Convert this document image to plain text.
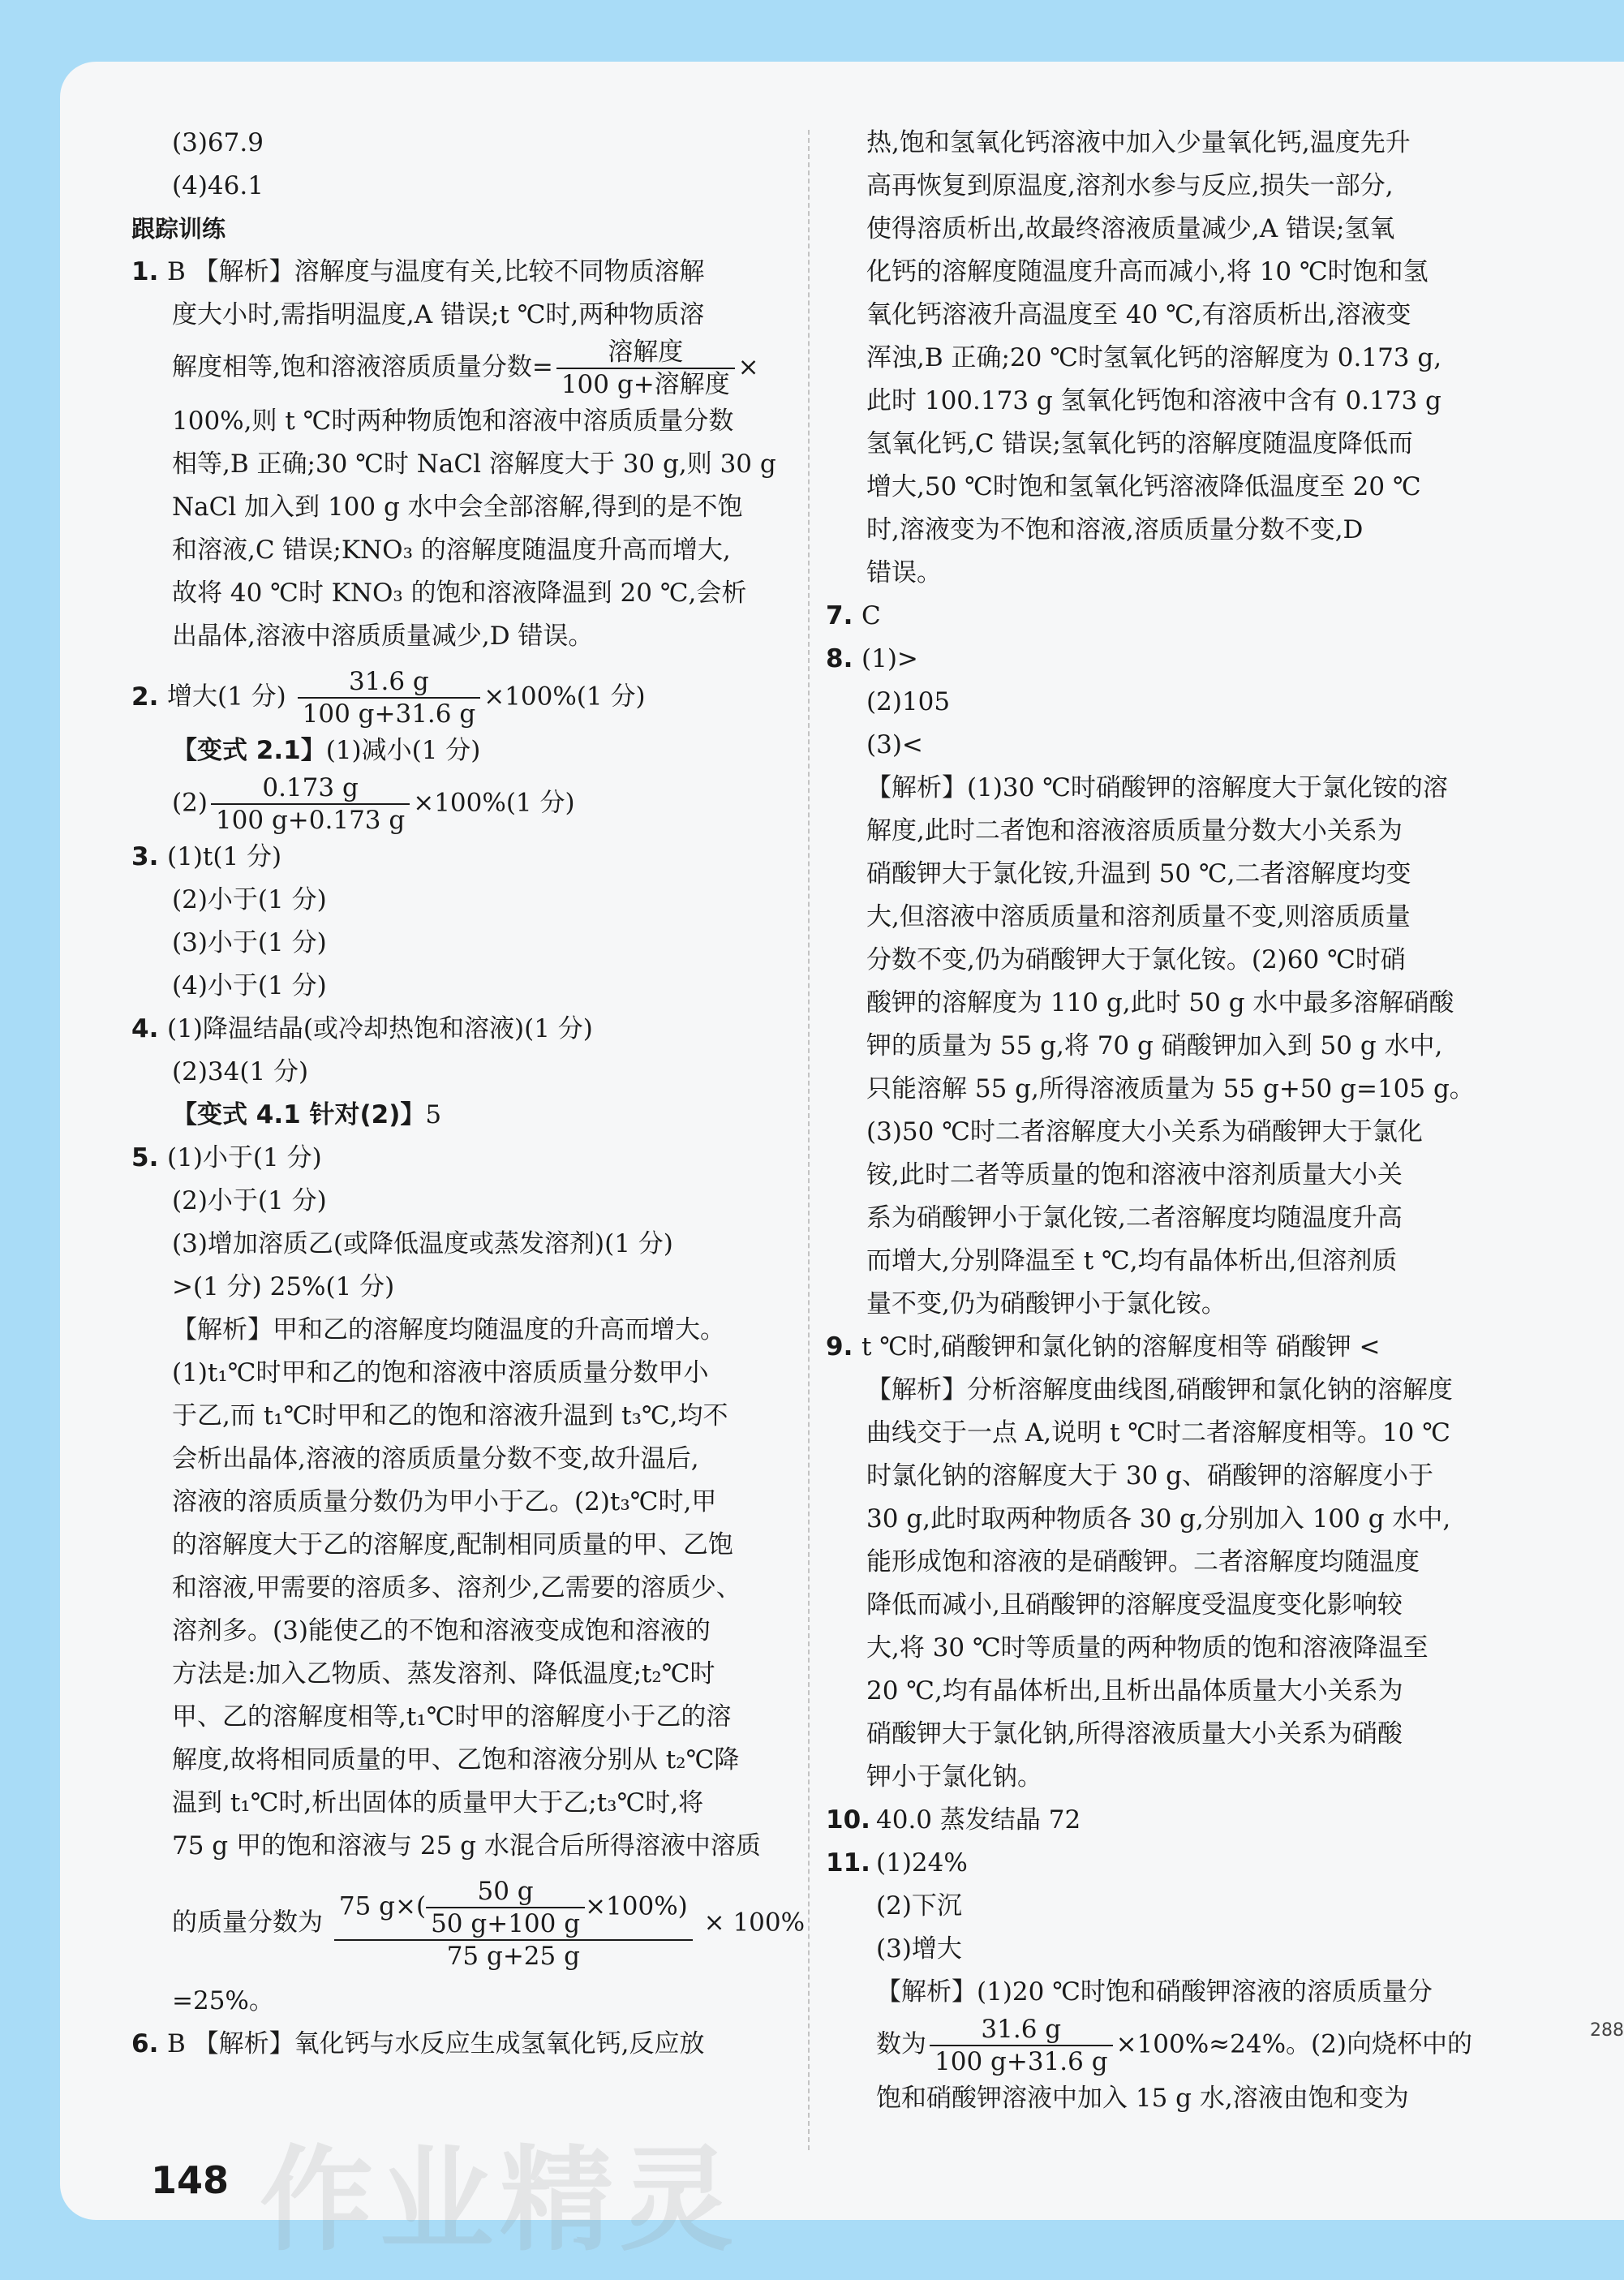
(3)67.9
(4)46.1
跟踪训练
1. B 【解析】溶解度与温度有关,比较不同物质溶解
度大小时,需指明温度,A 错误;t ℃时,两种物质溶
解度相等,饱和溶液溶质质量分数= $\frac{\text{溶解度}}{\text{100 g+溶解度}}$ ×
100%,则 t ℃时两种物质饱和溶液中溶质质量分数
相等,B 正确;30 ℃时 NaCl 溶解度大于 30 g,则 30 g
NaCl 加入到 100 g 水中会全部溶解,得到的是不饱
和溶液,C 错误;KNO₃ 的溶解度随温度升高而增大,
故将 40 ℃时 KNO₃ 的饱和溶液降温到 20 ℃,会析
出晶体,溶液中溶质质量减少,D 错误。
2. 增大(1 分) $\frac{31.6 g}{100 g+31.6 g} \times 100\%(1$ 分)
【变式 2.1】(1)减小(1 分)
$(2) \frac{0.173 g}{100 g+0.173 g} \times 100\%(1$ 分)
3. (1)t(1 分)
(2)小于(1 分)
(3)小于(1 分)
(4)小于(1 分)
4. (1)降温结晶(或冷却热饱和溶液)(1 分)
(2)34(1 分)
【变式 4.1 针对(2)】5
5. (1)小于(1 分)
(2)小于(1 分)
(3)增加溶质乙(或降低温度或蒸发溶剂)(1 分)
>(1 分) 25%(1 分)
【解析】甲和乙的溶解度均随温度的升高而增大。
(1)t₁℃时甲和乙的饱和溶液中溶质质量分数甲小
于乙,而 t₁℃时甲和乙的饱和溶液升温到 t₃℃,均不
会析出晶体,溶液的溶质质量分数不变,故升温后,
溶液的溶质质量分数仍为甲小于乙。(2)t₃℃时,甲
的溶解度大于乙的溶解度,配制相同质量的甲、乙饱
和溶液,甲需要的溶质多、溶剂少,乙需要的溶质少、
溶剂多。(3)能使乙的不饱和溶液变成饱和溶液的
方法是:加入乙物质、蒸发溶剂、降低温度;t₂℃时
甲、乙的溶解度相等,t₁℃时甲的溶解度小于乙的溶
解度,故将相同质量的甲、乙饱和溶液分别从 t₂℃降
温到 t₁℃时,析出固体的质量甲大于乙;t₃℃时,将
75 g 甲的饱和溶液与 25 g 水混合后所得溶液中溶质
的质量分数为 $\frac{75 g\times( \frac{50 g}{50 g+100 g} \times 100\%)}{75 g+25 g} \times 100\%$
=25%。
6. B 【解析】氧化钙与水反应生成氢氧化钙,反应放
热,饱和氢氧化钙溶液中加入少量氧化钙,温度先升
高再恢复到原温度,溶剂水参与反应,损失一部分,
使得溶质析出,故最终溶液质量减少,A 错误;氢氧
化钙的溶解度随温度升高而减小,将 10 ℃时饱和氢
氧化钙溶液升高温度至 40 ℃,有溶质析出,溶液变
浑浊,B 正确;20 ℃时氢氧化钙的溶解度为 0.173 g,
此时 100.173 g 氢氧化钙饱和溶液中含有 0.173 g
氢氧化钙,C 错误;氢氧化钙的溶解度随温度降低而
增大,50 ℃时饱和氢氧化钙溶液降低温度至 20 ℃
时,溶液变为不饱和溶液,溶质质量分数不变,D
错误。
7. C
8. (1)>
(2)105
(3)<
【解析】(1)30 ℃时硝酸钾的溶解度大于氯化铵的溶
解度,此时二者饱和溶液溶质质量分数大小关系为
硝酸钾大于氯化铵,升温到 50 ℃,二者溶解度均变
大,但溶液中溶质质量和溶剂质量不变,则溶质质量
分数不变,仍为硝酸钾大于氯化铵。(2)60 ℃时硝
酸钾的溶解度为 110 g,此时 50 g 水中最多溶解硝酸
钾的质量为 55 g,将 70 g 硝酸钾加入到 50 g 水中,
只能溶解 55 g,所得溶液质量为 55 g+50 g=105 g。
(3)50 ℃时二者溶解度大小关系为硝酸钾大于氯化
铵,此时二者等质量的饱和溶液中溶剂质量大小关
系为硝酸钾小于氯化铵,二者溶解度均随温度升高
而增大,分别降温至 t ℃,均有晶体析出,但溶剂质
量不变,仍为硝酸钾小于氯化铵。
9. t ℃时,硝酸钾和氯化钠的溶解度相等 硝酸钾 <
【解析】分析溶解度曲线图,硝酸钾和氯化钠的溶解度
曲线交于一点 A,说明 t ℃时二者溶解度相等。10 ℃
时氯化钠的溶解度大于 30 g、硝酸钾的溶解度小于
30 g,此时取两种物质各 30 g,分别加入 100 g 水中,
能形成饱和溶液的是硝酸钾。二者溶解度均随温度
降低而减小,且硝酸钾的溶解度受温度变化影响较
大,将 30 ℃时等质量的两种物质的饱和溶液降温至
20 ℃,均有晶体析出,且析出晶体质量大小关系为
硝酸钾大于氯化钠,所得溶液质量大小关系为硝酸
钾小于氯化钠。
10. 40.0 蒸发结晶 72
11. (1)24%
(2)下沉
(3)增大
【解析】(1)20 ℃时饱和硝酸钾溶液的溶质质量分
数为 $\frac{31.6 g}{100 g+31.6 g} \times 100\%\approx 24\%$。(2)向烧杯中的
饱和硝酸钾溶液中加入 15 g 水,溶液由饱和变为
作业精灵
148
288
